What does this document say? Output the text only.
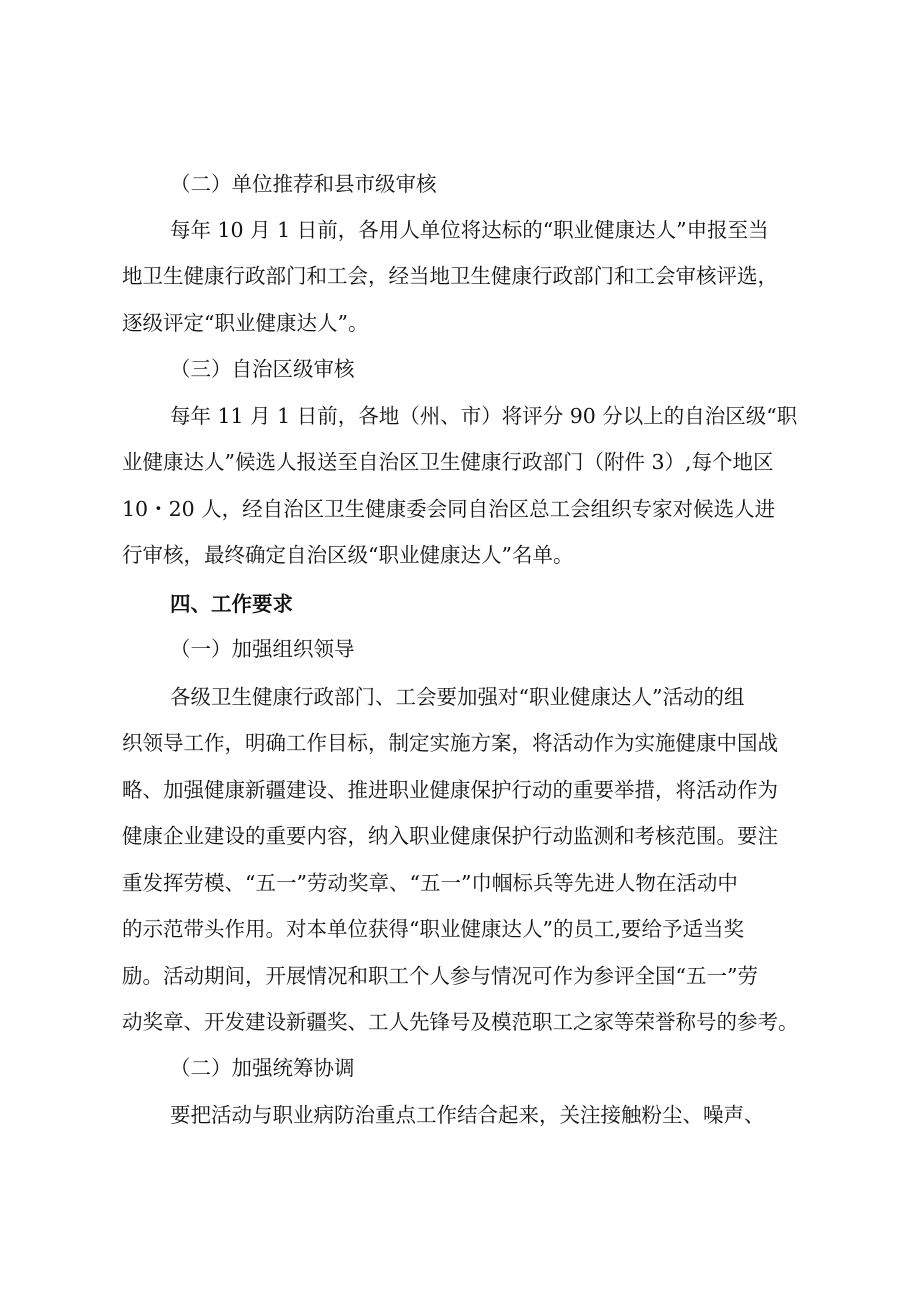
（二）单位推荐和县市级审核
每年 10 月 1 日前，各用人单位将达标的“职业健康达人”申报至当
地卫生健康行政部门和工会，经当地卫生健康行政部门和工会审核评选，
逐级评定“职业健康达人”。
（三）自治区级审核
每年 11 月 1 日前，各地（州、市）将评分 90 分以上的自治区级“职
业健康达人”候选人报送至自治区卫生健康行政部门（附件 3）,每个地区
10・20 人，经自治区卫生健康委会同自治区总工会组织专家对候选人进
行审核，最终确定自治区级“职业健康达人”名单。
四、工作要求
（一）加强组织领导
各级卫生健康行政部门、工会要加强对“职业健康达人”活动的组
织领导工作，明确工作目标，制定实施方案，将活动作为实施健康中国战
略、加强健康新疆建设、推进职业健康保护行动的重要举措，将活动作为
健康企业建设的重要内容，纳入职业健康保护行动监测和考核范围。要注
重发挥劳模、“五一”劳动奖章、“五一”巾帼标兵等先进人物在活动中
的示范带头作用。对本单位获得“职业健康达人”的员工,要给予适当奖
励。活动期间，开展情况和职工个人参与情况可作为参评全国“五一”劳
动奖章、开发建设新疆奖、工人先锋号及模范职工之家等荣誉称号的参考。
（二）加强统筹协调
要把活动与职业病防治重点工作结合起来，关注接触粉尘、噪声、
